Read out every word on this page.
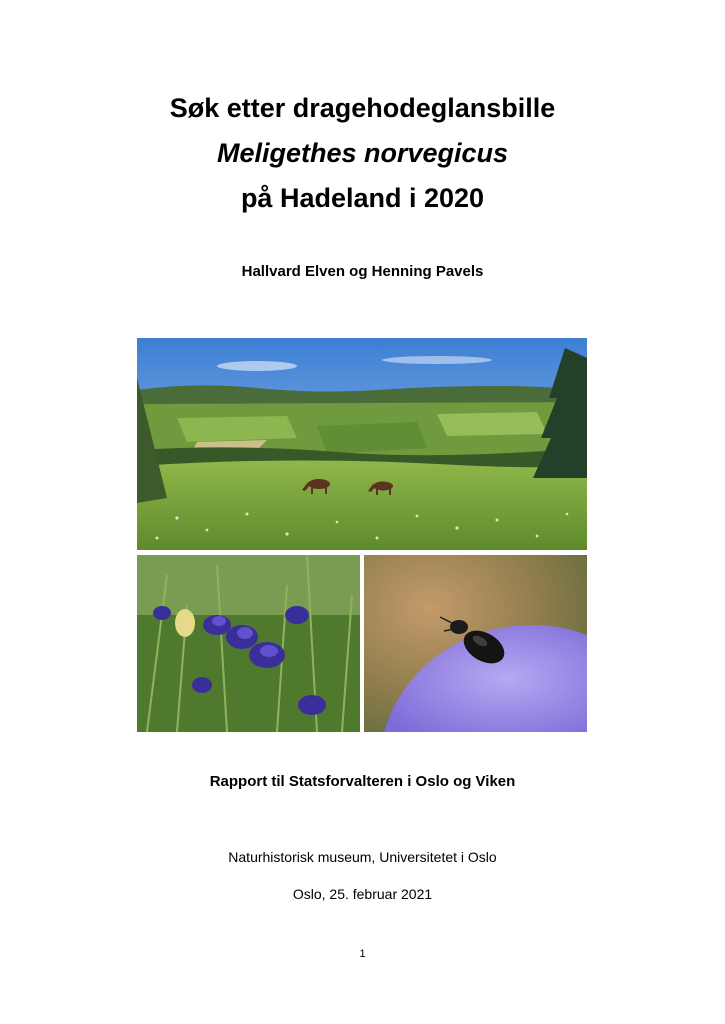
Søk etter dragehodeglansbille
Meligethes norvegicus
på Hadeland i 2020
Hallvard Elven og Henning Pavels
Rapport til Statsforvalteren i Oslo og Viken
Naturhistorisk museum, Universitetet i Oslo
Oslo, 25. februar 2021
1
